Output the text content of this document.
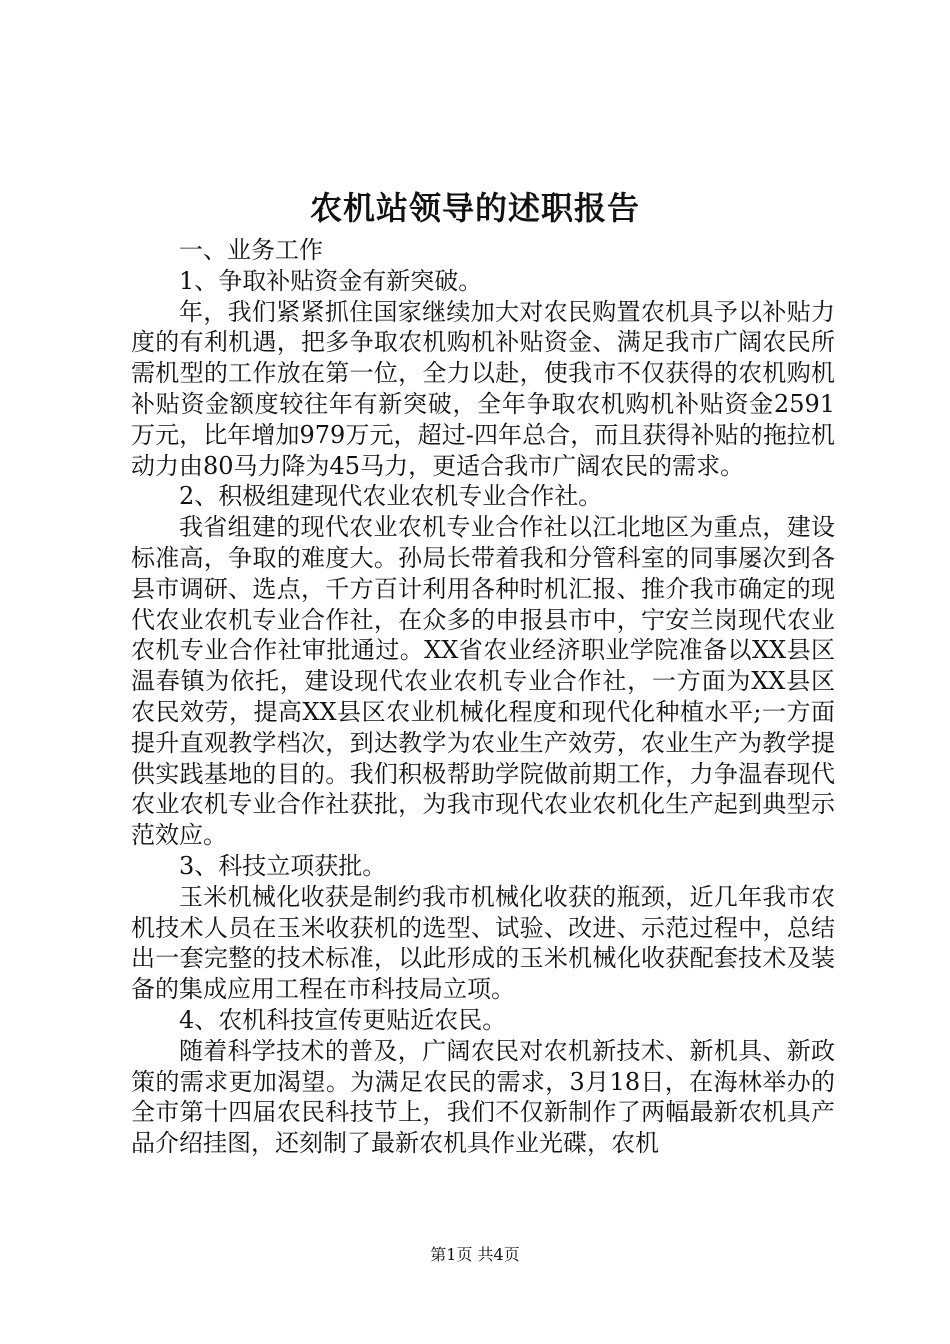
农机站领导的述职报告

一、业务工作

1、争取补贴资金有新突破。

年，我们紧紧抓住国家继续加大对农民购置农机具予以补贴力度的有利机遇，把多争取农机购机补贴资金、满足我市广阔农民所需机型的工作放在第一位，全力以赴，使我市不仅获得的农机购机补贴资金额度较往年有新突破，全年争取农机购机补贴资金2591万元，比年增加979万元，超过-四年总合，而且获得补贴的拖拉机动力由80马力降为45马力，更适合我市广阔农民的需求。

2、积极组建现代农业农机专业合作社。

我省组建的现代农业农机专业合作社以江北地区为重点，建设标准高，争取的难度大。孙局长带着我和分管科室的同事屡次到各县市调研、选点，千方百计利用各种时机汇报、推介我市确定的现代农业农机专业合作社，在众多的申报县市中，宁安兰岗现代农业农机专业合作社审批通过。XX省农业经济职业学院准备以XX县区温春镇为依托，建设现代农业农机专业合作社，一方面为XX县区农民效劳，提高XX县区农业机械化程度和现代化种植水平;一方面提升直观教学档次，到达教学为农业生产效劳，农业生产为教学提供实践基地的目的。我们积极帮助学院做前期工作，力争温春现代农业农机专业合作社获批，为我市现代农业农机化生产起到典型示范效应。

3、科技立项获批。

玉米机械化收获是制约我市机械化收获的瓶颈，近几年我市农机技术人员在玉米收获机的选型、试验、改进、示范过程中，总结出一套完整的技术标准，以此形成的玉米机械化收获配套技术及装备的集成应用工程在市科技局立项。

4、农机科技宣传更贴近农民。

随着科学技术的普及，广阔农民对农机新技术、新机具、新政策的需求更加渴望。为满足农民的需求，3月18日，在海林举办的全市第十四届农民科技节上，我们不仅新制作了两幅最新农机具产品介绍挂图，还刻制了最新农机具作业光碟，农机

第1页 共4页
